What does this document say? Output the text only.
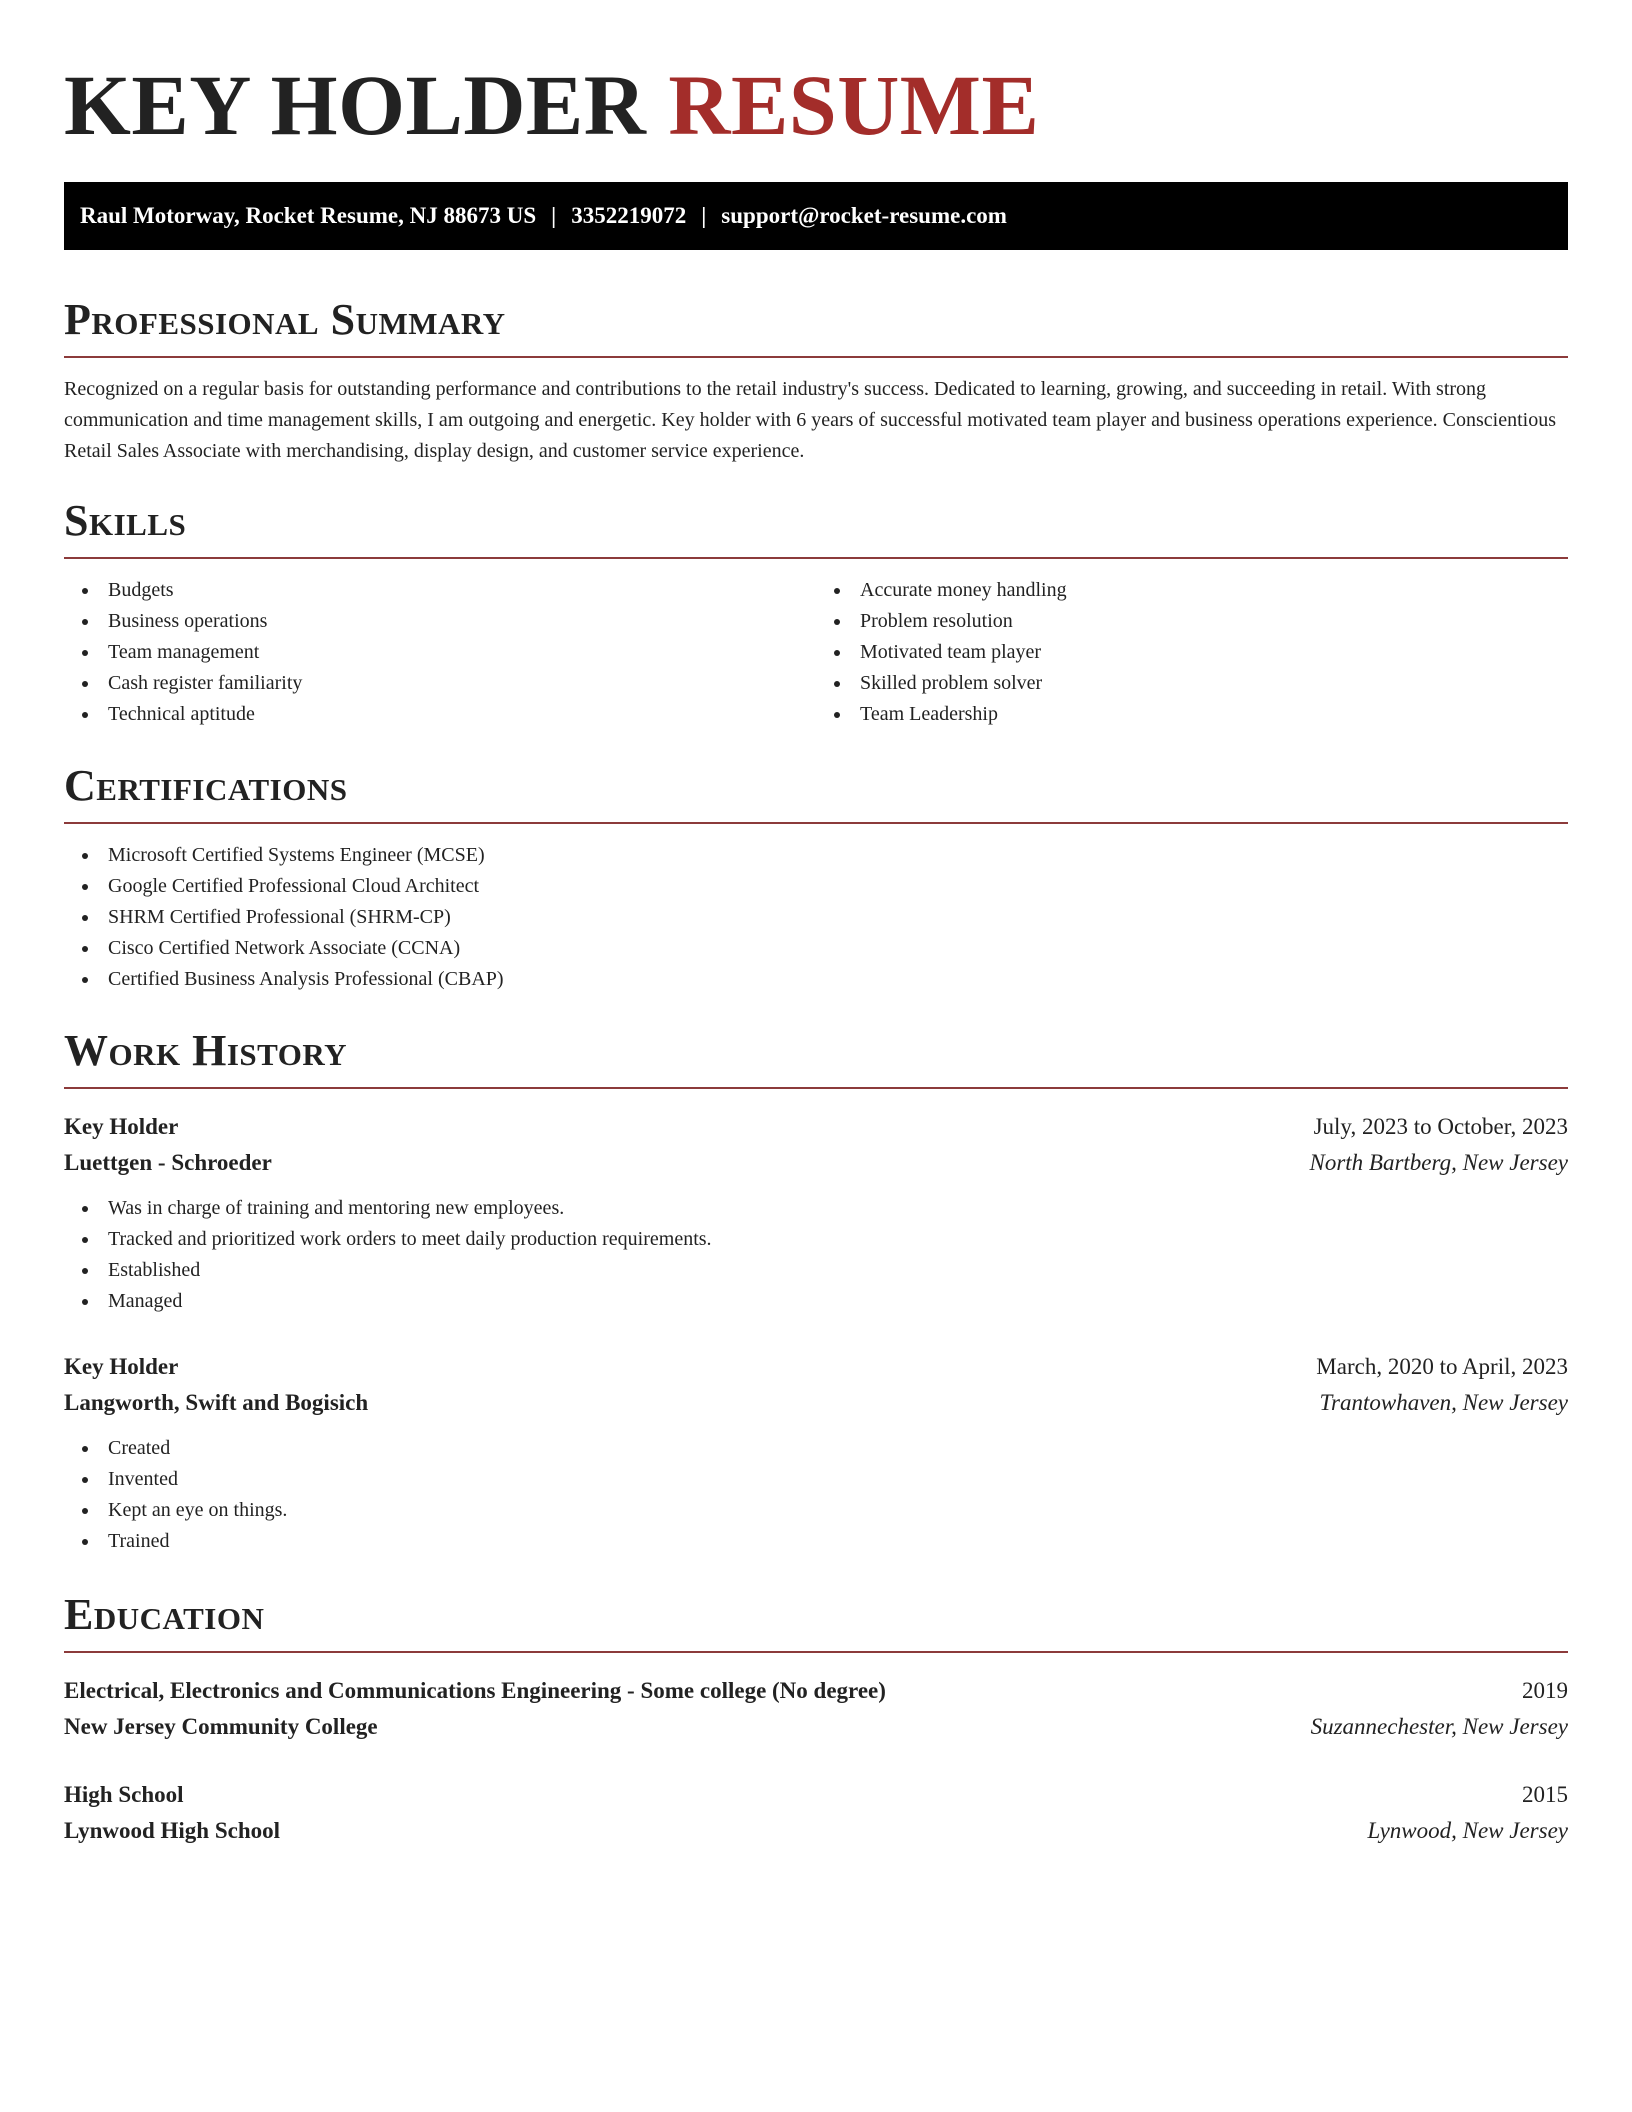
KEY HOLDER RESUME
Raul Motorway, Rocket Resume, NJ 88673 US | 3352219072 | support@rocket-resume.com
Professional Summary

Recognized on a regular basis for outstanding performance and contributions to the retail industry's success. Dedicated to learning, growing, and succeeding in retail. With strong communication and time management skills, I am outgoing and energetic. Key holder with 6 years of successful motivated team player and business operations experience. Conscientious Retail Sales Associate with merchandising, display design, and customer service experience.

Skills
Budgets
Business operations
Team management
Cash register familiarity
Technical aptitude
Accurate money handling
Problem resolution
Motivated team player
Skilled problem solver
Team Leadership
Certifications
Microsoft Certified Systems Engineer (MCSE)
Google Certified Professional Cloud Architect
SHRM Certified Professional (SHRM-CP)
Cisco Certified Network Associate (CCNA)
Certified Business Analysis Professional (CBAP)
Work History
Key Holder	July, 2023 to October, 2023
Luettgen - Schroeder	North Bartberg, New Jersey
Was in charge of training and mentoring new employees.
Tracked and prioritized work orders to meet daily production requirements.
Established
Managed
Key Holder	March, 2020 to April, 2023
Langworth, Swift and Bogisich	Trantowhaven, New Jersey
Created
Invented
Kept an eye on things.
Trained
Education
Electrical, Electronics and Communications Engineering - Some college (No degree)	2019
New Jersey Community College	Suzannechester, New Jersey
High School	2015
Lynwood High School	Lynwood, New Jersey
